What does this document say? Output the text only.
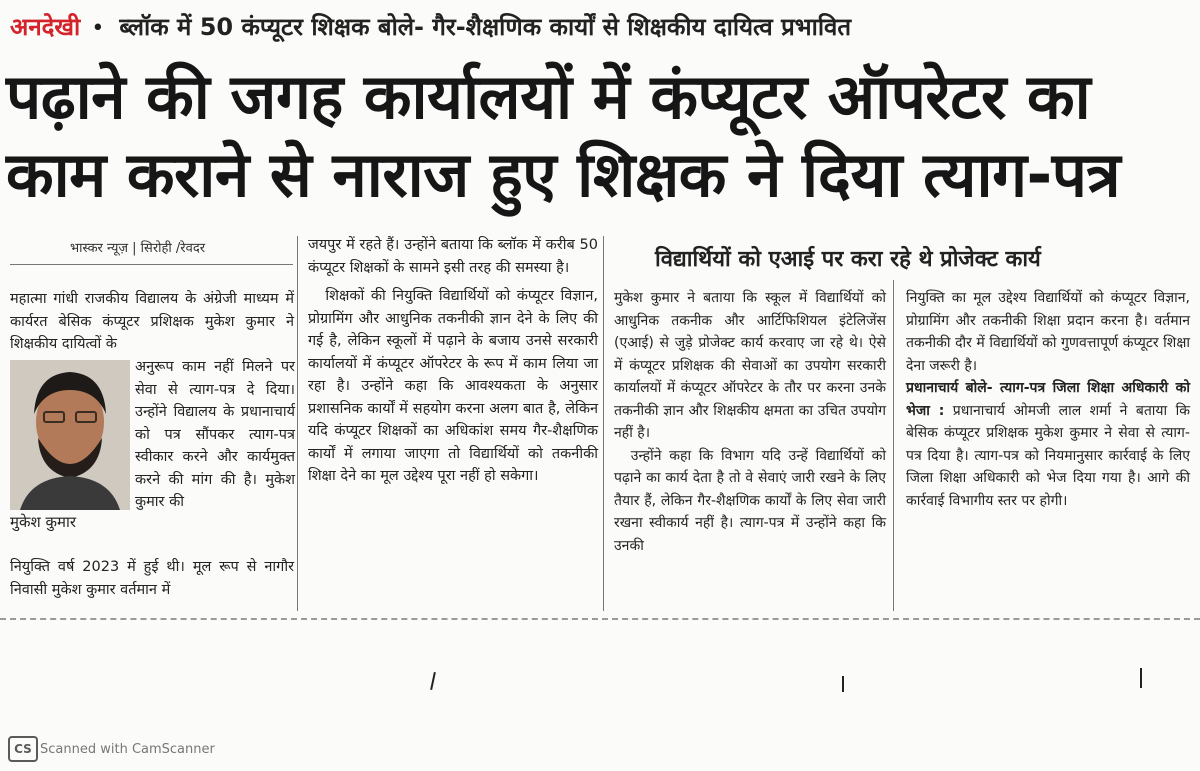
अनदेखी • ब्लॉक में 50 कंप्यूटर शिक्षक बोले- गैर-शैक्षणिक कार्यों से शिक्षकीय दायित्व प्रभावित
पढ़ाने की जगह कार्यालयों में कंप्यूटर ऑपरेटर का
काम कराने से नाराज हुए शिक्षक ने दिया त्याग-पत्र
भास्कर न्यूज़ | सिरोही /रेवदर
महात्मा गांधी राजकीय विद्यालय के अंग्रेजी माध्यम में कार्यरत बेसिक कंप्यूटर प्रशिक्षक मुकेश कुमार ने शिक्षकीय दायित्वों के
मुकेश कुमार
अनुरूप काम नहीं मिलने पर सेवा से त्याग-पत्र दे दिया। उन्होंने विद्यालय के प्रधानाचार्य को पत्र सौंपकर त्याग-पत्र स्वीकार करने और कार्यमुक्त करने की मांग की है। मुकेश कुमार की
नियुक्ति वर्ष 2023 में हुई थी। मूल रूप से नागौर निवासी मुकेश कुमार वर्तमान में
जयपुर में रहते हैं। उन्होंने बताया कि ब्लॉक में करीब 50 कंप्यूटर शिक्षकों के सामने इसी तरह की समस्या है।
शिक्षकों की नियुक्ति विद्यार्थियों को कंप्यूटर विज्ञान, प्रोग्रामिंग और आधुनिक तकनीकी ज्ञान देने के लिए की गई है, लेकिन स्कूलों में पढ़ाने के बजाय उनसे सरकारी कार्यालयों में कंप्यूटर ऑपरेटर के रूप में काम लिया जा रहा है। उन्होंने कहा कि आवश्यकता के अनुसार प्रशासनिक कार्यों में सहयोग करना अलग बात है, लेकिन यदि कंप्यूटर शिक्षकों का अधिकांश समय गैर-शैक्षणिक कार्यों में लगाया जाएगा तो विद्यार्थियों को तकनीकी शिक्षा देने का मूल उद्देश्य पूरा नहीं हो सकेगा।
विद्यार्थियों को एआई पर करा रहे थे प्रोजेक्ट कार्य
मुकेश कुमार ने बताया कि स्कूल में विद्यार्थियों को आधुनिक तकनीक और आर्टिफिशियल इंटेलिजेंस (एआई) से जुड़े प्रोजेक्ट कार्य करवाए जा रहे थे। ऐसे में कंप्यूटर प्रशिक्षक की सेवाओं का उपयोग सरकारी कार्यालयों में कंप्यूटर ऑपरेटर के तौर पर करना उनके तकनीकी ज्ञान और शिक्षकीय क्षमता का उचित उपयोग नहीं है।
उन्होंने कहा कि विभाग यदि उन्हें विद्यार्थियों को पढ़ाने का कार्य देता है तो वे सेवाएं जारी रखने के लिए तैयार हैं, लेकिन गैर-शैक्षणिक कार्यों के लिए सेवा जारी रखना स्वीकार्य नहीं है। त्याग-पत्र में उन्होंने कहा कि उनकी
नियुक्ति का मूल उद्देश्य विद्यार्थियों को कंप्यूटर विज्ञान, प्रोग्रामिंग और तकनीकी शिक्षा प्रदान करना है। वर्तमान तकनीकी दौर में विद्यार्थियों को गुणवत्तापूर्ण कंप्यूटर शिक्षा देना जरूरी है।
प्रधानाचार्य बोले- त्याग-पत्र जिला शिक्षा अधिकारी को भेजा : प्रधानाचार्य ओमजी लाल शर्मा ने बताया कि बेसिक कंप्यूटर प्रशिक्षक मुकेश कुमार ने सेवा से त्याग-पत्र दिया है। त्याग-पत्र को नियमानुसार कार्रवाई के लिए जिला शिक्षा अधिकारी को भेज दिया गया है। आगे की कार्रवाई विभागीय स्तर पर होगी।
CS Scanned with CamScanner
